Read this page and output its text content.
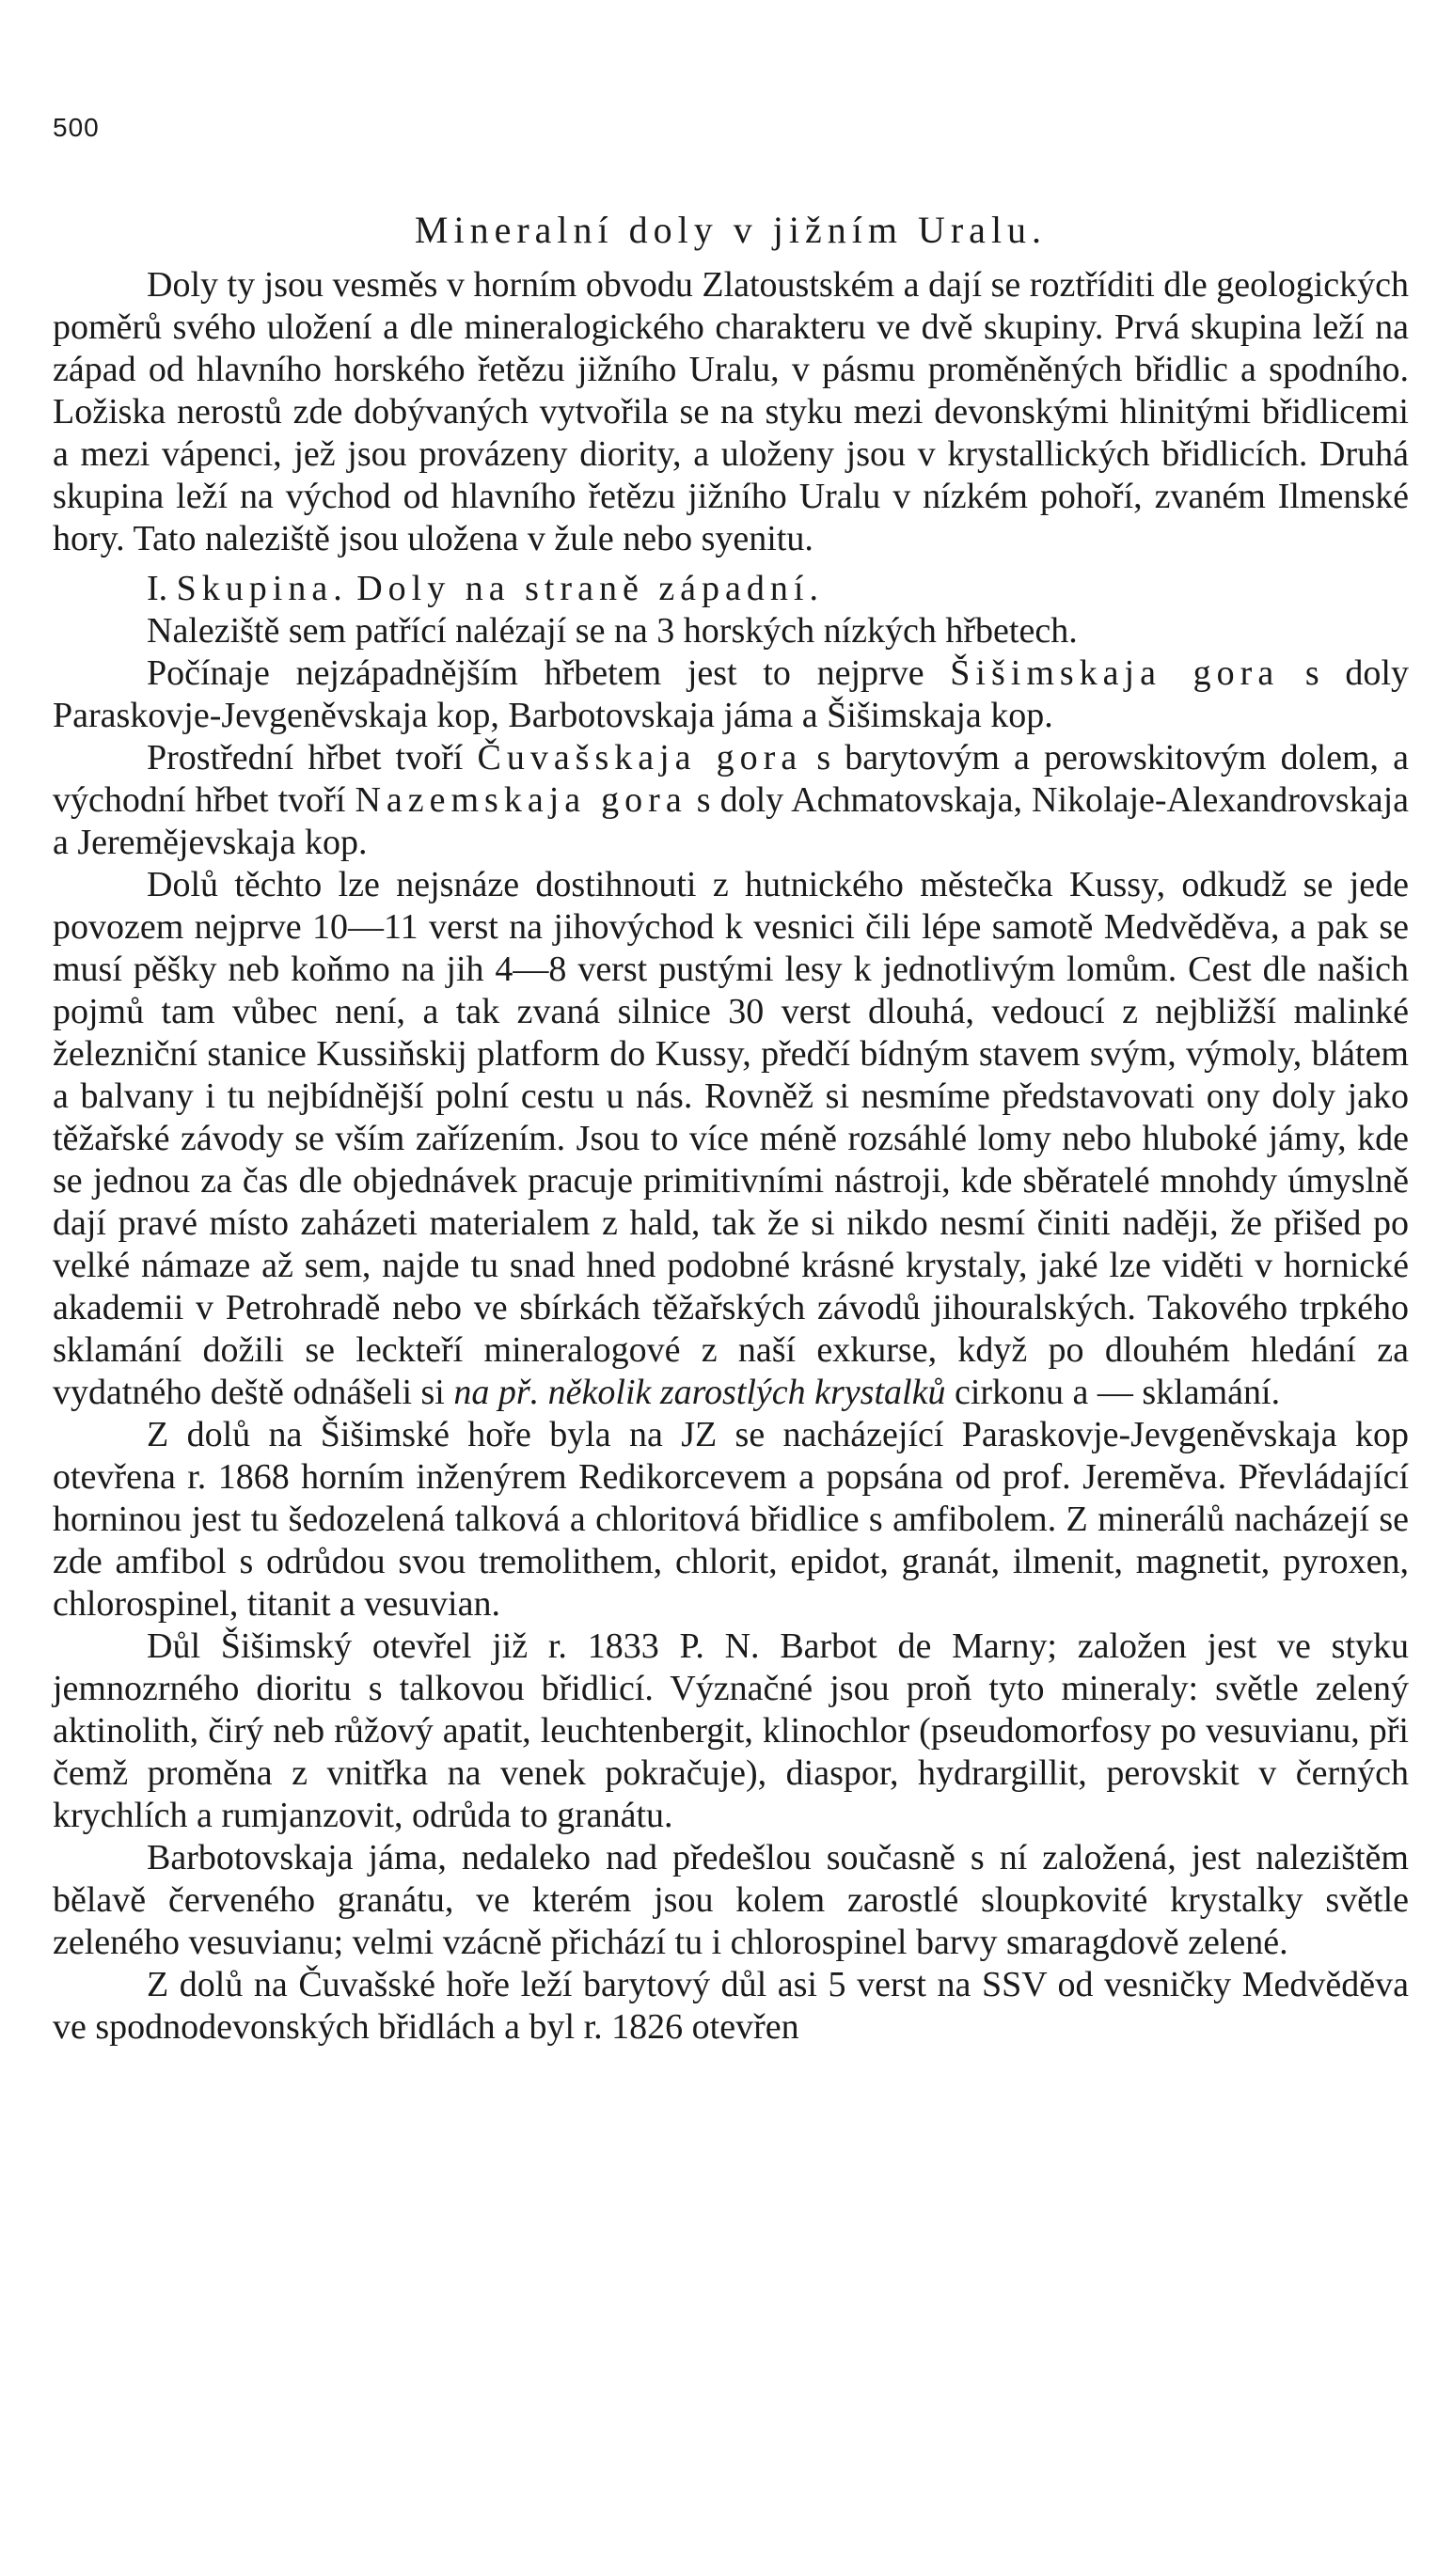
500
Mineralní doly v jižním Uralu.

Doly ty jsou vesměs v horním obvodu Zlatoustském a dají se roztříditi dle geologických poměrů svého uložení a dle mineralogického charakteru ve dvě skupiny. Prvá skupina leží na západ od hlavního horského řetězu jižního Uralu, v pásmu proměněných břidlic a spodního. Ložiska nerostů zde dobývaných vytvořila se na styku mezi devonskými hlinitými břidlicemi a mezi vápenci, jež jsou provázeny diority, a uloženy jsou v krystallických břidlicích. Druhá skupina leží na východ od hlavního řetězu jižního Uralu v nízkém pohoří, zvaném Ilmenské hory. Tato naleziště jsou uložena v žule nebo syenitu.

I. Skupina. Doly na straně západní.

Naleziště sem patřící nalézají se na 3 horských nízkých hřbetech.

Počínaje nejzápadnějším hřbetem jest to nejprve Šišimskaja gora s doly Paraskovje-Jevgeněvskaja kop, Barbotovskaja jáma a Šišimskaja kop.

Prostřední hřbet tvoří Čuvašskaja gora s barytovým a perowskitovým dolem, a východní hřbet tvoří Nazemskaja gora s doly Achmatovskaja, Nikolaje-Alexandrovskaja a Jeremějevskaja kop.

Dolů těchto lze nejsnáze dostihnouti z hutnického městečka Kussy, odkudž se jede povozem nejprve 10—11 verst na jihovýchod k vesnici čili lépe samotě Medvěděva, a pak se musí pěšky neb koňmo na jih 4—8 verst pustými lesy k jednotlivým lomům. Cest dle našich pojmů tam vůbec není, a tak zvaná silnice 30 verst dlouhá, vedoucí z nejbližší malinké železniční stanice Kussiňskij platform do Kussy, předčí bídným stavem svým, výmoly, blátem a balvany i tu nejbídnější polní cestu u nás. Rovněž si nesmíme představovati ony doly jako těžařské závody se vším zařízením. Jsou to více méně rozsáhlé lomy nebo hluboké jámy, kde se jednou za čas dle objednávek pracuje primitivními nástroji, kde sběratelé mnohdy úmyslně dají pravé místo zaházeti materialem z hald, tak že si nikdo nesmí činiti naději, že přišed po velké námaze až sem, najde tu snad hned podobné krásné krystaly, jaké lze viděti v hornické akademii v Petrohradě nebo ve sbírkách těžařských závodů jihouralských. Takového trpkého sklamání dožili se leckteří mineralogové z naší exkurse, když po dlouhém hledání za vydatného deště odnášeli si na př. několik zarostlých krystalků cirkonu a — sklamání.

Z dolů na Šišimské hoře byla na JZ se nacházející Paraskovje-Jevgeněvskaja kop otevřena r. 1868 horním inženýrem Redikorcevem a popsána od prof. Jeremĕva. Převládající horninou jest tu šedozelená talková a chloritová břidlice s amfibolem. Z minerálů nacházejí se zde amfibol s odrůdou svou tremolithem, chlorit, epidot, granát, ilmenit, magnetit, pyroxen, chlorospinel, titanit a vesuvian.

Důl Šišimský otevřel již r. 1833 P. N. Barbot de Marny; založen jest ve styku jemnozrného dioritu s talkovou břidlicí. Význačné jsou proň tyto mineraly: světle zelený aktinolith, čirý neb růžový apatit, leuchtenbergit, klinochlor (pseudomorfosy po vesuvianu, při čemž proměna z vnitřka na venek pokračuje), diaspor, hydrargillit, perovskit v černých krychlích a rumjanzovit, odrůda to granátu.

Barbotovskaja jáma, nedaleko nad předešlou současně s ní založená, jest nalezištěm bělavě červeného granátu, ve kterém jsou kolem zarostlé sloupkovité krystalky světle zeleného vesuvianu; velmi vzácně přichází tu i chlorospinel barvy smaragdově zelené.

Z dolů na Čuvašské hoře leží barytový důl asi 5 verst na SSV od vesničky Medvěděva ve spodnodevonských břidlách a byl r. 1826 otevřen
